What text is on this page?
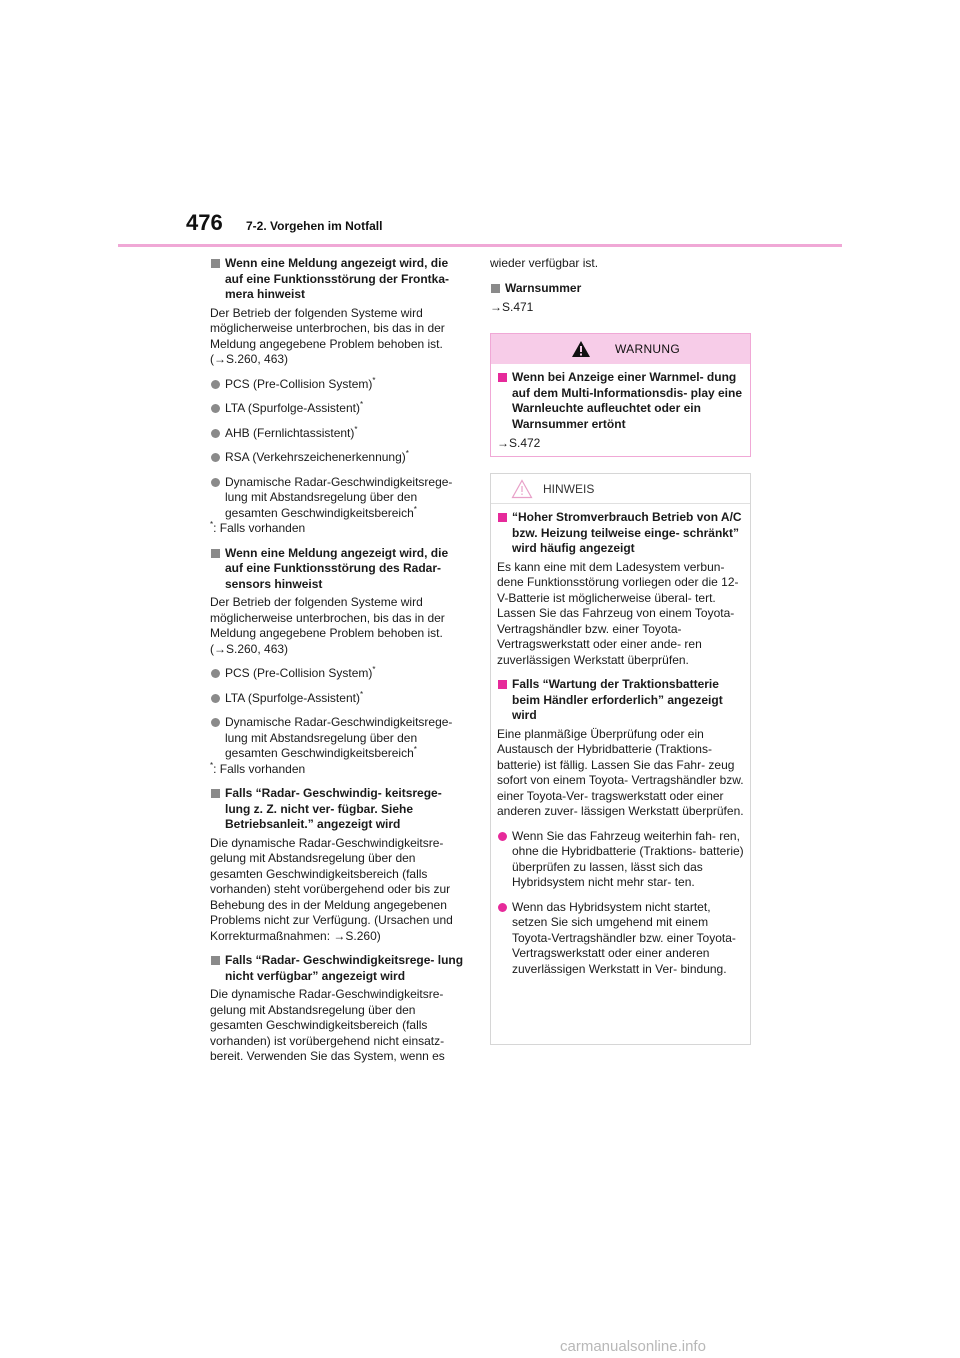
476 7-2. Vorgehen im Notfall
Wenn eine Meldung angezeigt wird, die auf eine Funktionsstörung der Frontka- mera hinweist
Der Betrieb der folgenden Systeme wird möglicherweise unterbrochen, bis das in der Meldung angegebene Problem behoben ist. (→S.260, 463)
PCS (Pre-Collision System)*
LTA (Spurfolge-Assistent)*
AHB (Fernlichtassistent)*
RSA (Verkehrszeichenerkennung)*
Dynamische Radar-Geschwindigkeitsrege- lung mit Abstandsregelung über den gesamten Geschwindigkeitsbereich*
*: Falls vorhanden
Wenn eine Meldung angezeigt wird, die auf eine Funktionsstörung des Radar- sensors hinweist
Der Betrieb der folgenden Systeme wird möglicherweise unterbrochen, bis das in der Meldung angegebene Problem behoben ist. (→S.260, 463)
PCS (Pre-Collision System)*
LTA (Spurfolge-Assistent)*
Dynamische Radar-Geschwindigkeitsrege- lung mit Abstandsregelung über den gesamten Geschwindigkeitsbereich*
*: Falls vorhanden
Falls “Radar- Geschwindig- keitsrege- lung z. Z. nicht ver- fügbar. Siehe Betriebsanleit.” angezeigt wird
Die dynamische Radar-Geschwindigkeitsre- gelung mit Abstandsregelung über den gesamten Geschwindigkeitsbereich (falls vorhanden) steht vorübergehend oder bis zur Behebung des in der Meldung angegebenen Problems nicht zur Verfügung. (Ursachen und Korrekturmaßnahmen: →S.260)
Falls “Radar- Geschwindigkeitsrege- lung nicht verfügbar” angezeigt wird
Die dynamische Radar-Geschwindigkeitsre- gelung mit Abstandsregelung über den gesamten Geschwindigkeitsbereich (falls vorhanden) ist vorübergehend nicht einsatz- bereit. Verwenden Sie das System, wenn es
wieder verfügbar ist.
Warnsummer
→S.471
WARNUNG
Wenn bei Anzeige einer Warnmel- dung auf dem Multi-Informationsdis- play eine Warnleuchte aufleuchtet oder ein Warnsummer ertönt
→S.472
HINWEIS
“Hoher Stromverbrauch Betrieb von A/C bzw. Heizung teilweise einge- schränkt” wird häufig angezeigt
Es kann eine mit dem Ladesystem verbun- dene Funktionsstörung vorliegen oder die 12-V-Batterie ist möglicherweise überal- tert. Lassen Sie das Fahrzeug von einem Toyota-Vertragshändler bzw. einer Toyota-Vertragswerkstatt oder einer ande- ren zuverlässigen Werkstatt überprüfen.
Falls “Wartung der Traktionsbatterie beim Händler erforderlich” angezeigt wird
Eine planmäßige Überprüfung oder ein Austausch der Hybridbatterie (Traktions- batterie) ist fällig. Lassen Sie das Fahr- zeug sofort von einem Toyota- Vertragshändler bzw. einer Toyota-Ver- tragswerkstatt oder einer anderen zuver- lässigen Werkstatt überprüfen.
Wenn Sie das Fahrzeug weiterhin fah- ren, ohne die Hybridbatterie (Traktions- batterie) überprüfen zu lassen, lässt sich das Hybridsystem nicht mehr star- ten.
Wenn das Hybridsystem nicht startet, setzen Sie sich umgehend mit einem Toyota-Vertragshändler bzw. einer Toyota-Vertragswerkstatt oder einer anderen zuverlässigen Werkstatt in Ver- bindung.
carmanualsonline.info
